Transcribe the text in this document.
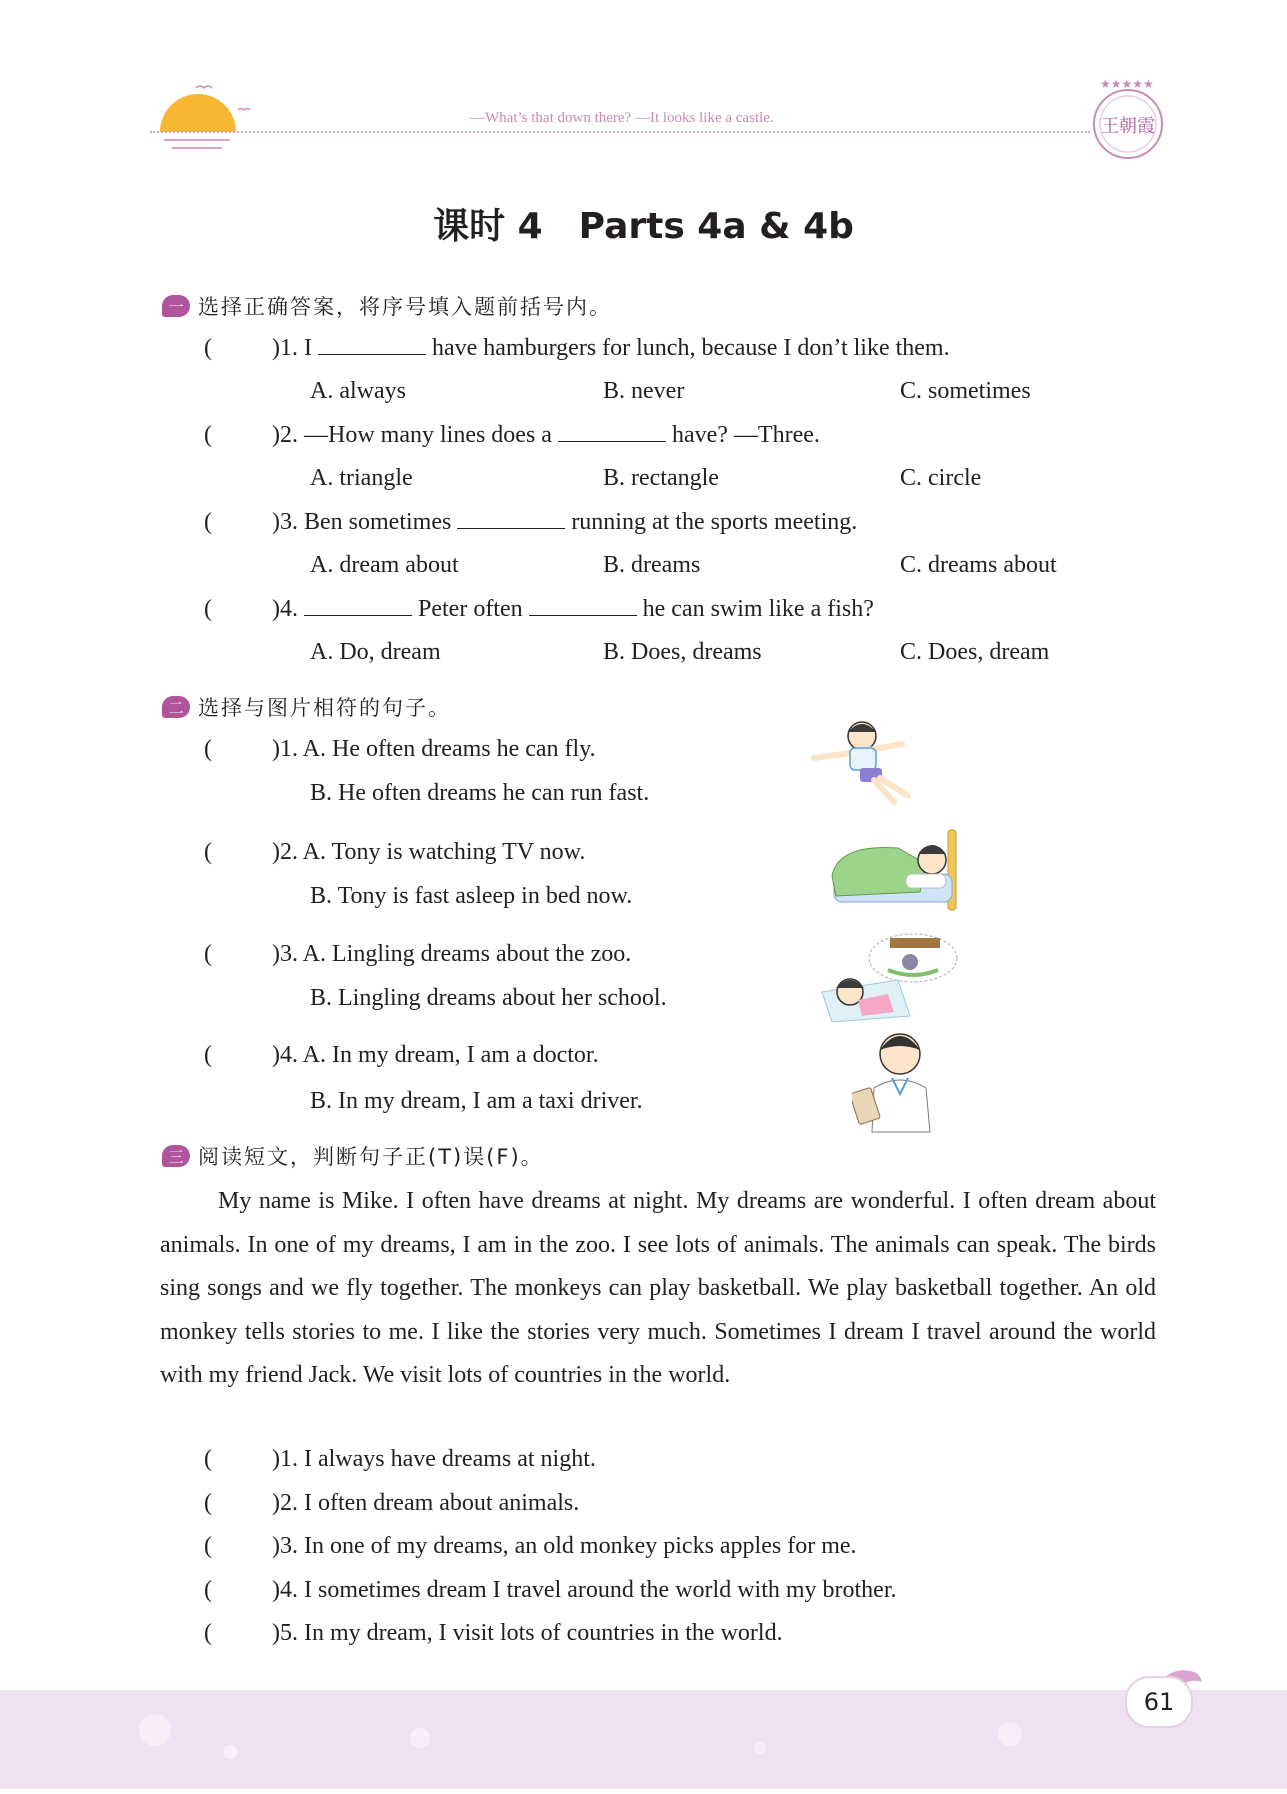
—What’s that down there? —It looks like a castle.
★★★★★
王朝霞
课时 4　Parts 4a & 4b
一 选择正确答案，将序号填入题前括号内。
(	)1. I	have hamburgers for lunch, because I don’t like them.
A. always	B. never	C. sometimes
(	)2. —How many lines does a	have? —Three.
A. triangle	B. rectangle	C. circle
(	)3. Ben sometimes	running at the sports meeting.
A. dream about	B. dreams	C. dreams about
(	)4.	Peter often	he can swim like a fish?
A. Do, dream	B. Does, dreams	C. Does, dream
二 选择与图片相符的句子。
(	)1. A. He often dreams he can fly.
B. He often dreams he can run fast.
(	)2. A. Tony is watching TV now.
B. Tony is fast asleep in bed now.
(	)3. A. Lingling dreams about the zoo.
B. Lingling dreams about her school.
(	)4. A. In my dream, I am a doctor.
B. In my dream, I am a taxi driver.
三 阅读短文，判断句子正(T)误(F)。
My name is Mike. I often have dreams at night. My dreams are wonderful. I often dream about animals. In one of my dreams, I am in the zoo. I see lots of animals. The animals can speak. The birds sing songs and we fly together. The monkeys can play basketball. We play basketball together. An old monkey tells stories to me. I like the stories very much. Sometimes I dream I travel around the world with my friend Jack. We visit lots of countries in the world.
(	)1. I always have dreams at night.
(	)2. I often dream about animals.
(	)3. In one of my dreams, an old monkey picks apples for me.
(	)4. I sometimes dream I travel around the world with my brother.
(	)5. In my dream, I visit lots of countries in the world.
61
